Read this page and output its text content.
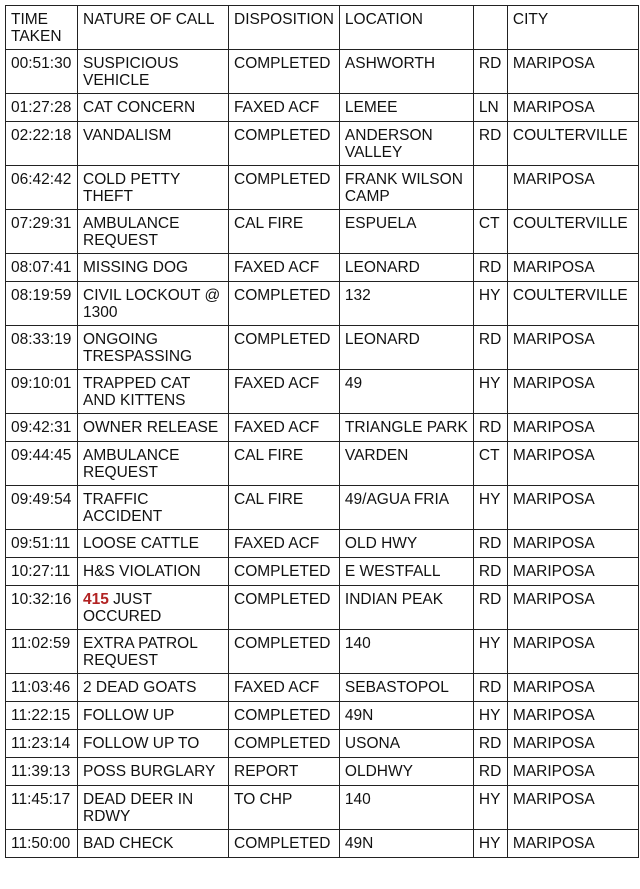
TIME TAKEN	NATURE OF CALL	DISPOSITION	LOCATION		CITY
00:51:30	SUSPICIOUS VEHICLE	COMPLETED	ASHWORTH	RD	MARIPOSA
01:27:28	CAT CONCERN	FAXED ACF	LEMEE	LN	MARIPOSA
02:22:18	VANDALISM	COMPLETED	ANDERSON VALLEY	RD	COULTERVILLE
06:42:42	COLD PETTY THEFT	COMPLETED	FRANK WILSON CAMP		MARIPOSA
07:29:31	AMBULANCE REQUEST	CAL FIRE	ESPUELA	CT	COULTERVILLE
08:07:41	MISSING DOG	FAXED ACF	LEONARD	RD	MARIPOSA
08:19:59	CIVIL LOCKOUT @ 1300	COMPLETED	132	HY	COULTERVILLE
08:33:19	ONGOING TRESPASSING	COMPLETED	LEONARD	RD	MARIPOSA
09:10:01	TRAPPED CAT AND KITTENS	FAXED ACF	49	HY	MARIPOSA
09:42:31	OWNER RELEASE	FAXED ACF	TRIANGLE PARK	RD	MARIPOSA
09:44:45	AMBULANCE REQUEST	CAL FIRE	VARDEN	CT	MARIPOSA
09:49:54	TRAFFIC ACCIDENT	CAL FIRE	49/AGUA FRIA	HY	MARIPOSA
09:51:11	LOOSE CATTLE	FAXED ACF	OLD HWY	RD	MARIPOSA
10:27:11	H&S VIOLATION	COMPLETED	E WESTFALL	RD	MARIPOSA
10:32:16	415 JUST OCCURED	COMPLETED	INDIAN PEAK	RD	MARIPOSA
11:02:59	EXTRA PATROL REQUEST	COMPLETED	140	HY	MARIPOSA
11:03:46	2 DEAD GOATS	FAXED ACF	SEBASTOPOL	RD	MARIPOSA
11:22:15	FOLLOW UP	COMPLETED	49N	HY	MARIPOSA
11:23:14	FOLLOW UP TO	COMPLETED	USONA	RD	MARIPOSA
11:39:13	POSS BURGLARY	REPORT	OLDHWY	RD	MARIPOSA
11:45:17	DEAD DEER IN RDWY	TO CHP	140	HY	MARIPOSA
11:50:00	BAD CHECK	COMPLETED	49N	HY	MARIPOSA
